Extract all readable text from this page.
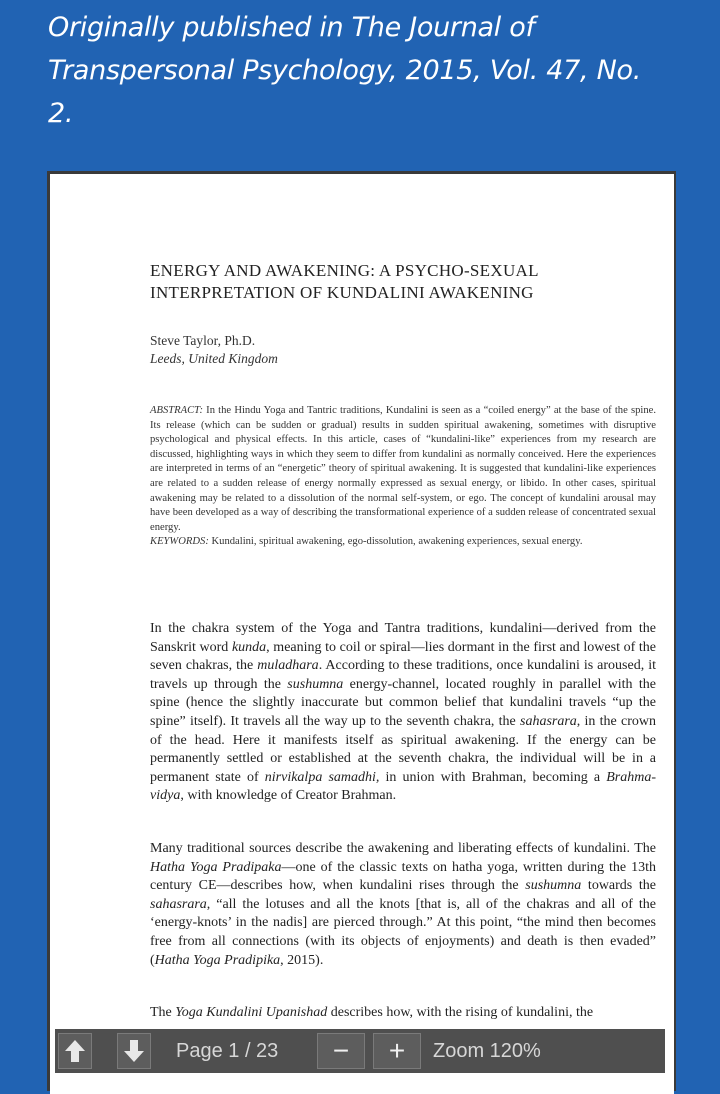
Originally published in The Journal of
Transpersonal Psychology, 2015, Vol. 47, No.
2.
ENERGY AND AWAKENING: A PSYCHO-SEXUAL
INTERPRETATION OF KUNDALINI AWAKENING
Steve Taylor, Ph.D.
Leeds, United Kingdom
ABSTRACT: In the Hindu Yoga and Tantric traditions, Kundalini is seen as a “coiled energy” at the base of the spine. Its release (which can be sudden or gradual) results in sudden spiritual awakening, sometimes with disruptive psychological and physical effects. In this article, cases of “kundalini-like” experiences from my research are discussed, highlighting ways in which they seem to differ from kundalini as normally conceived. Here the experiences are interpreted in terms of an “energetic” theory of spiritual awakening. It is suggested that kundalini-like experiences are related to a sudden release of energy normally expressed as sexual energy, or libido. In other cases, spiritual awakening may be related to a dissolution of the normal self-system, or ego. The concept of kundalini arousal may have been developed as a way of describing the transformational experience of a sudden release of concentrated sexual energy.
KEYWORDS: Kundalini, spiritual awakening, ego-dissolution, awakening experiences, sexual energy.
In the chakra system of the Yoga and Tantra traditions, kundalini—derived from the Sanskrit word kunda, meaning to coil or spiral—lies dormant in the first and lowest of the seven chakras, the muladhara. According to these traditions, once kundalini is aroused, it travels up through the sushumna energy-channel, located roughly in parallel with the spine (hence the slightly inaccurate but common belief that kundalini travels “up the spine” itself). It travels all the way up to the seventh chakra, the sahasrara, in the crown of the head. Here it manifests itself as spiritual awakening. If the energy can be permanently settled or established at the seventh chakra, the individual will be in a permanent state of nirvikalpa samadhi, in union with Brahman, becoming a Brahma-vidya, with knowledge of Creator Brahman.
Many traditional sources describe the awakening and liberating effects of kundalini. The Hatha Yoga Pradipaka—one of the classic texts on hatha yoga, written during the 13th century CE—describes how, when kundalini rises through the sushumna towards the sahasrara, “all the lotuses and all the knots [that is, all of the chakras and all of the ‘energy-knots’ in the nadis] are pierced through.” At this point, “the mind then becomes free from all connections (with its objects of enjoyments) and death is then evaded” (Hatha Yoga Pradipika, 2015).
The Yoga Kundalini Upanishad describes how, with the rising of kundalini, the
Page 1 / 23 − + Zoom 120%
